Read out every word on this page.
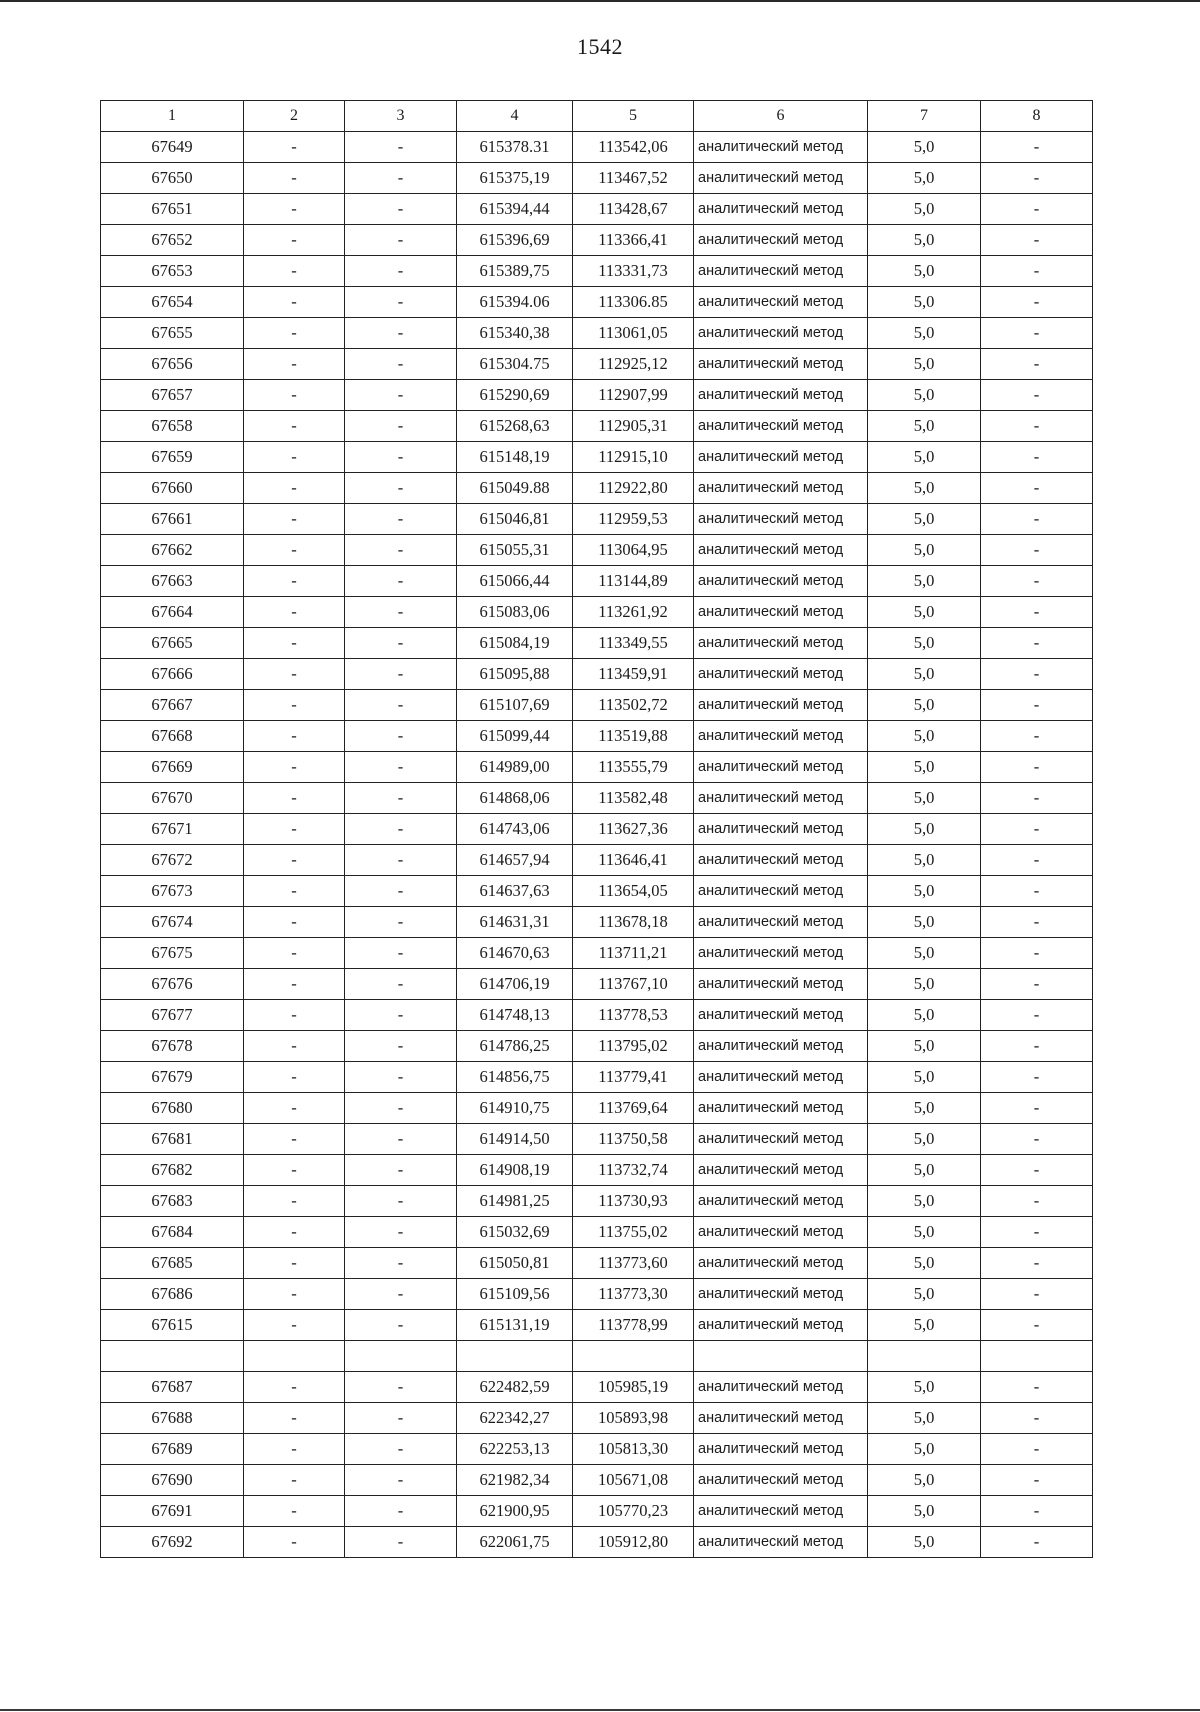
1542
1	2	3	4	5	6	7	8
67649	-	-	615378.31	113542,06	аналитический метод	5,0	-
67650	-	-	615375,19	113467,52	аналитический метод	5,0	-
67651	-	-	615394,44	113428,67	аналитический метод	5,0	-
67652	-	-	615396,69	113366,41	аналитический метод	5,0	-
67653	-	-	615389,75	113331,73	аналитический метод	5,0	-
67654	-	-	615394.06	113306.85	аналитический метод	5,0	-
67655	-	-	615340,38	113061,05	аналитический метод	5,0	-
67656	-	-	615304.75	112925,12	аналитический метод	5,0	-
67657	-	-	615290,69	112907,99	аналитический метод	5,0	-
67658	-	-	615268,63	112905,31	аналитический метод	5,0	-
67659	-	-	615148,19	112915,10	аналитический метод	5,0	-
67660	-	-	615049.88	112922,80	аналитический метод	5,0	-
67661	-	-	615046,81	112959,53	аналитический метод	5,0	-
67662	-	-	615055,31	113064,95	аналитический метод	5,0	-
67663	-	-	615066,44	113144,89	аналитический метод	5,0	-
67664	-	-	615083,06	113261,92	аналитический метод	5,0	-
67665	-	-	615084,19	113349,55	аналитический метод	5,0	-
67666	-	-	615095,88	113459,91	аналитический метод	5,0	-
67667	-	-	615107,69	113502,72	аналитический метод	5,0	-
67668	-	-	615099,44	113519,88	аналитический метод	5,0	-
67669	-	-	614989,00	113555,79	аналитический метод	5,0	-
67670	-	-	614868,06	113582,48	аналитический метод	5,0	-
67671	-	-	614743,06	113627,36	аналитический метод	5,0	-
67672	-	-	614657,94	113646,41	аналитический метод	5,0	-
67673	-	-	614637,63	113654,05	аналитический метод	5,0	-
67674	-	-	614631,31	113678,18	аналитический метод	5,0	-
67675	-	-	614670,63	113711,21	аналитический метод	5,0	-
67676	-	-	614706,19	113767,10	аналитический метод	5,0	-
67677	-	-	614748,13	113778,53	аналитический метод	5,0	-
67678	-	-	614786,25	113795,02	аналитический метод	5,0	-
67679	-	-	614856,75	113779,41	аналитический метод	5,0	-
67680	-	-	614910,75	113769,64	аналитический метод	5,0	-
67681	-	-	614914,50	113750,58	аналитический метод	5,0	-
67682	-	-	614908,19	113732,74	аналитический метод	5,0	-
67683	-	-	614981,25	113730,93	аналитический метод	5,0	-
67684	-	-	615032,69	113755,02	аналитический метод	5,0	-
67685	-	-	615050,81	113773,60	аналитический метод	5,0	-
67686	-	-	615109,56	113773,30	аналитический метод	5,0	-
67615	-	-	615131,19	113778,99	аналитический метод	5,0	-

67687	-	-	622482,59	105985,19	аналитический метод	5,0	-
67688	-	-	622342,27	105893,98	аналитический метод	5,0	-
67689	-	-	622253,13	105813,30	аналитический метод	5,0	-
67690	-	-	621982,34	105671,08	аналитический метод	5,0	-
67691	-	-	621900,95	105770,23	аналитический метод	5,0	-
67692	-	-	622061,75	105912,80	аналитический метод	5,0	-
